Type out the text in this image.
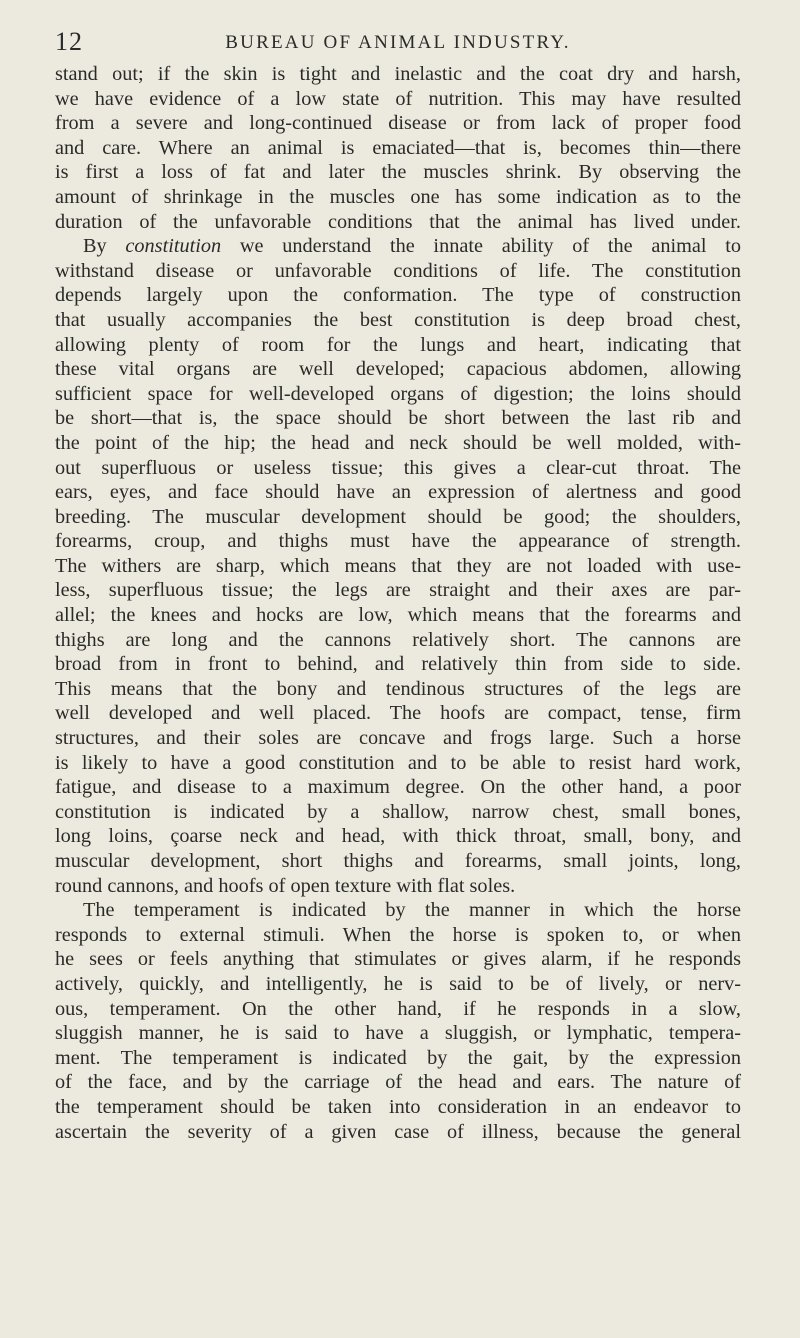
12	BUREAU OF ANIMAL INDUSTRY.
stand out; if the skin is tight and inelastic and the coat dry and harsh,
we have evidence of a low state of nutrition. This may have resulted
from a severe and long-continued disease or from lack of proper food
and care. Where an animal is emaciated—that is, becomes thin—there
is first a loss of fat and later the muscles shrink. By observing the
amount of shrinkage in the muscles one has some indication as to the
duration of the unfavorable conditions that the animal has lived under.
By constitution we understand the innate ability of the animal to
withstand disease or unfavorable conditions of life. The constitution
depends largely upon the conformation. The type of construction
that usually accompanies the best constitution is deep broad chest,
allowing plenty of room for the lungs and heart, indicating that
these vital organs are well developed; capacious abdomen, allowing
sufficient space for well-developed organs of digestion; the loins should
be short—that is, the space should be short between the last rib and
the point of the hip; the head and neck should be well molded, with-
out superfluous or useless tissue; this gives a clear-cut throat. The
ears, eyes, and face should have an expression of alertness and good
breeding. The muscular development should be good; the shoulders,
forearms, croup, and thighs must have the appearance of strength.
The withers are sharp, which means that they are not loaded with use-
less, superfluous tissue; the legs are straight and their axes are par-
allel; the knees and hocks are low, which means that the forearms and
thighs are long and the cannons relatively short. The cannons are
broad from in front to behind, and relatively thin from side to side.
This means that the bony and tendinous structures of the legs are
well developed and well placed. The hoofs are compact, tense, firm
structures, and their soles are concave and frogs large. Such a horse
is likely to have a good constitution and to be able to resist hard work,
fatigue, and disease to a maximum degree. On the other hand, a poor
constitution is indicated by a shallow, narrow chest, small bones,
long loins, çoarse neck and head, with thick throat, small, bony, and
muscular development, short thighs and forearms, small joints, long,
round cannons, and hoofs of open texture with flat soles.
The temperament is indicated by the manner in which the horse
responds to external stimuli. When the horse is spoken to, or when
he sees or feels anything that stimulates or gives alarm, if he responds
actively, quickly, and intelligently, he is said to be of lively, or nerv-
ous, temperament. On the other hand, if he responds in a slow,
sluggish manner, he is said to have a sluggish, or lymphatic, tempera-
ment. The temperament is indicated by the gait, by the expression
of the face, and by the carriage of the head and ears. The nature of
the temperament should be taken into consideration in an endeavor to
ascertain the severity of a given case of illness, because the general
